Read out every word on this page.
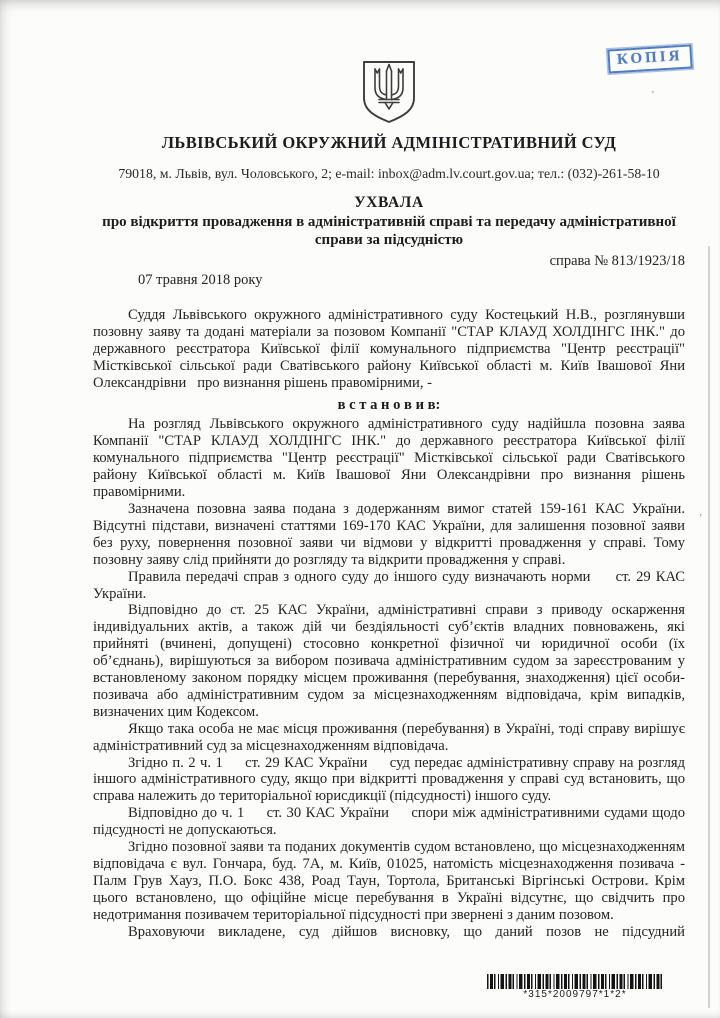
КОПІЯ
’
’
’
’
ЛЬВІВСЬКИЙ ОКРУЖНИЙ АДМІНІСТРАТИВНИЙ СУД
79018, м. Львів, вул. Чоловського, 2; e-mail: inbox@adm.lv.court.gov.ua; тел.: (032)-261-58-10
УХВАЛА
про відкриття провадження в адміністративній справі та передачу адміністративної справи за підсудністю
справа № 813/1923/18
07 травня 2018 року

Суддя Львівського окружного адміністративного суду Костецький Н.В., розглянувши позовну заяву та додані матеріали за позовом Компанії "СТАР КЛАУД ХОЛДІНГС ІНК." до державного реєстратора Київської філії комунального підприємства "Центр реєстрації" Містківської сільської ради Сватівського району Київської області м. Київ Івашової Яни Олександрівни   про визнання рішень правомірними, -

в с т а н о в и в:

На розгляд Львівського окружного адміністративного суду надійшла позовна заява Компанії "СТАР КЛАУД ХОЛДІНГС ІНК." до державного реєстратора Київської філії комунального підприємства "Центр реєстрації" Містківської сільської ради Сватівського району Київської області м. Київ Івашової Яни Олександрівни про визнання рішень правомірними.

Зазначена позовна заява подана з додержанням вимог статей 159-161 КАС України. Відсутні підстави, визначені статтями 169-170 КАС України, для залишення позовної заяви без руху, повернення позовної заяви чи відмови у відкритті провадження у справі. Тому позовну заяву слід прийняти до розгляду та відкрити провадження у справі.

Правила передачі справ з одного суду до іншого суду визначають норми     ст. 29 КАС України.

Відповідно до ст. 25 КАС України, адміністративні справи з приводу оскарження індивідуальних актів, а також дій чи бездіяльності суб’єктів владних повноважень, які прийняті (вчинені, допущені) стосовно конкретної фізичної чи юридичної особи (їх об’єднань), вирішуються за вибором позивача адміністративним судом за зареєстрованим у встановленому законом порядку місцем проживання (перебування, знаходження) цієї особи-позивача або адміністративним судом за місцезнаходженням відповідача, крім випадків, визначених цим Кодексом.

Якщо така особа не має місця проживання (перебування) в Україні, тоді справу вирішує адміністративний суд за місцезнаходженням відповідача.

Згідно п. 2 ч. 1     ст. 29 КАС України     суд передає адміністративну справу на розгляд іншого адміністративного суду, якщо при відкритті провадження у справі суд встановить, що справа належить до територіальної юрисдикції (підсудності) іншого суду.

Відповідно до ч. 1     ст. 30 КАС України     спори між адміністративними судами щодо підсудності не допускаються.

Згідно позовної заяви та поданих документів судом встановлено, що місцезнаходженням відповідача є вул. Гончара, буд. 7А, м. Київ, 01025, натомість місцезнаходження позивача - Палм Грув Хауз, П.О. Бокс 438, Роад Таун, Тортола, Британські Віргінські Острови. Крім цього встановлено, що офіційне місце перебування в Україні відсутнє, що свідчить про недотримання позивачем територіальної підсудності при звернені з даним позовом.

Враховуючи викладене, суд дійшов висновку, що даний позов не підсудний

*315*2009797*1*2*
